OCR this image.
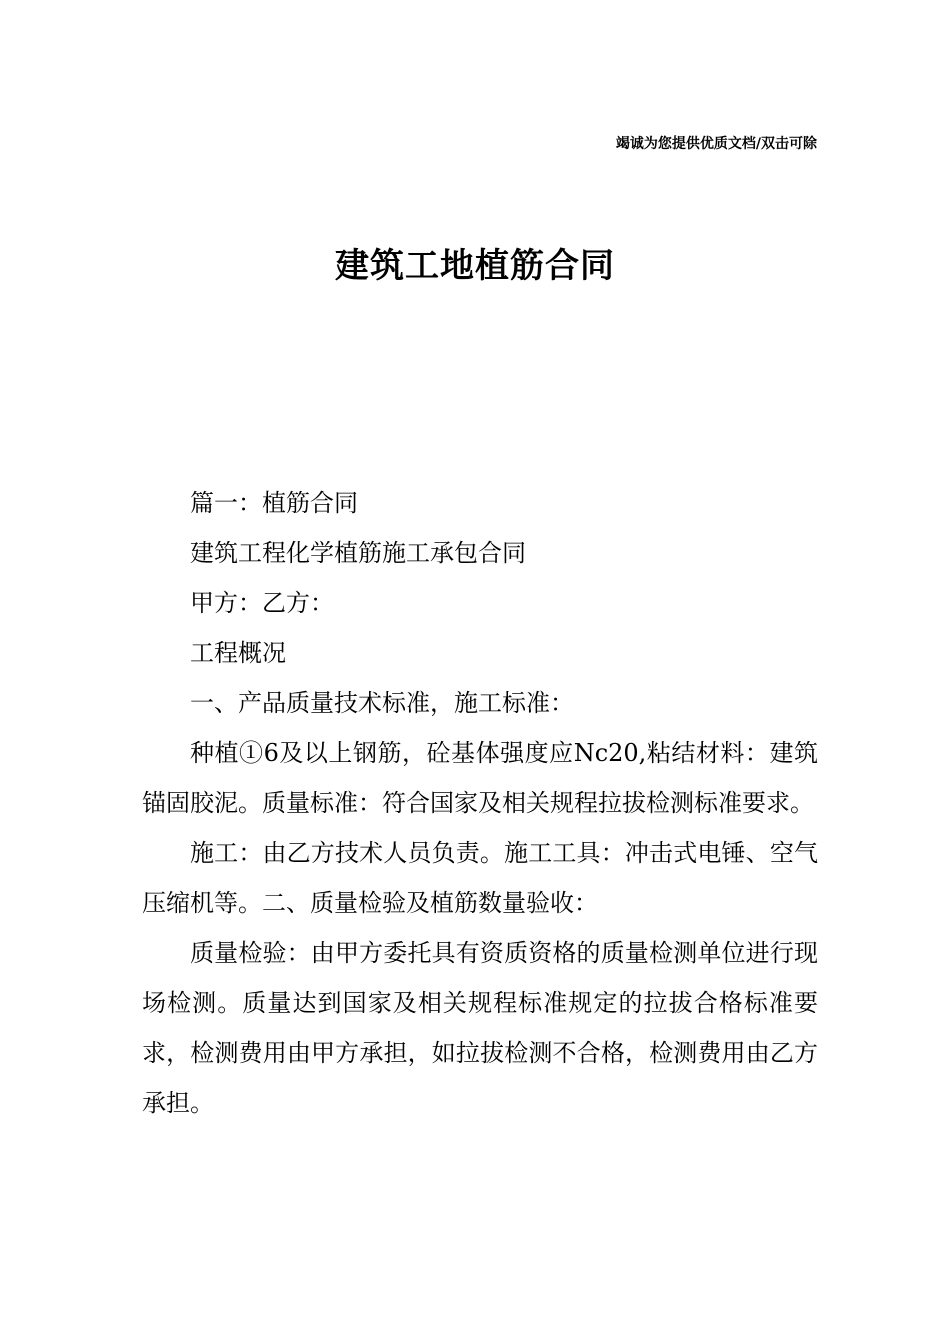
竭诚为您提供优质文档/双击可除
建筑工地植筋合同

篇一：植筋合同

建筑工程化学植筋施工承包合同

甲方：乙方：

工程概况

一、产品质量技术标准，施工标准：

种植①6及以上钢筋，砼基体强度应Nc20,粘结材料：建筑锚固胶泥。质量标准：符合国家及相关规程拉拔检测标准要求。

施工：由乙方技术人员负责。施工工具：冲击式电锤、空气压缩机等。二、质量检验及植筋数量验收：

质量检验：由甲方委托具有资质资格的质量检测单位进行现场检测。质量达到国家及相关规程标准规定的拉拔合格标准要求，检测费用由甲方承担，如拉拔检测不合格，检测费用由乙方承担。
